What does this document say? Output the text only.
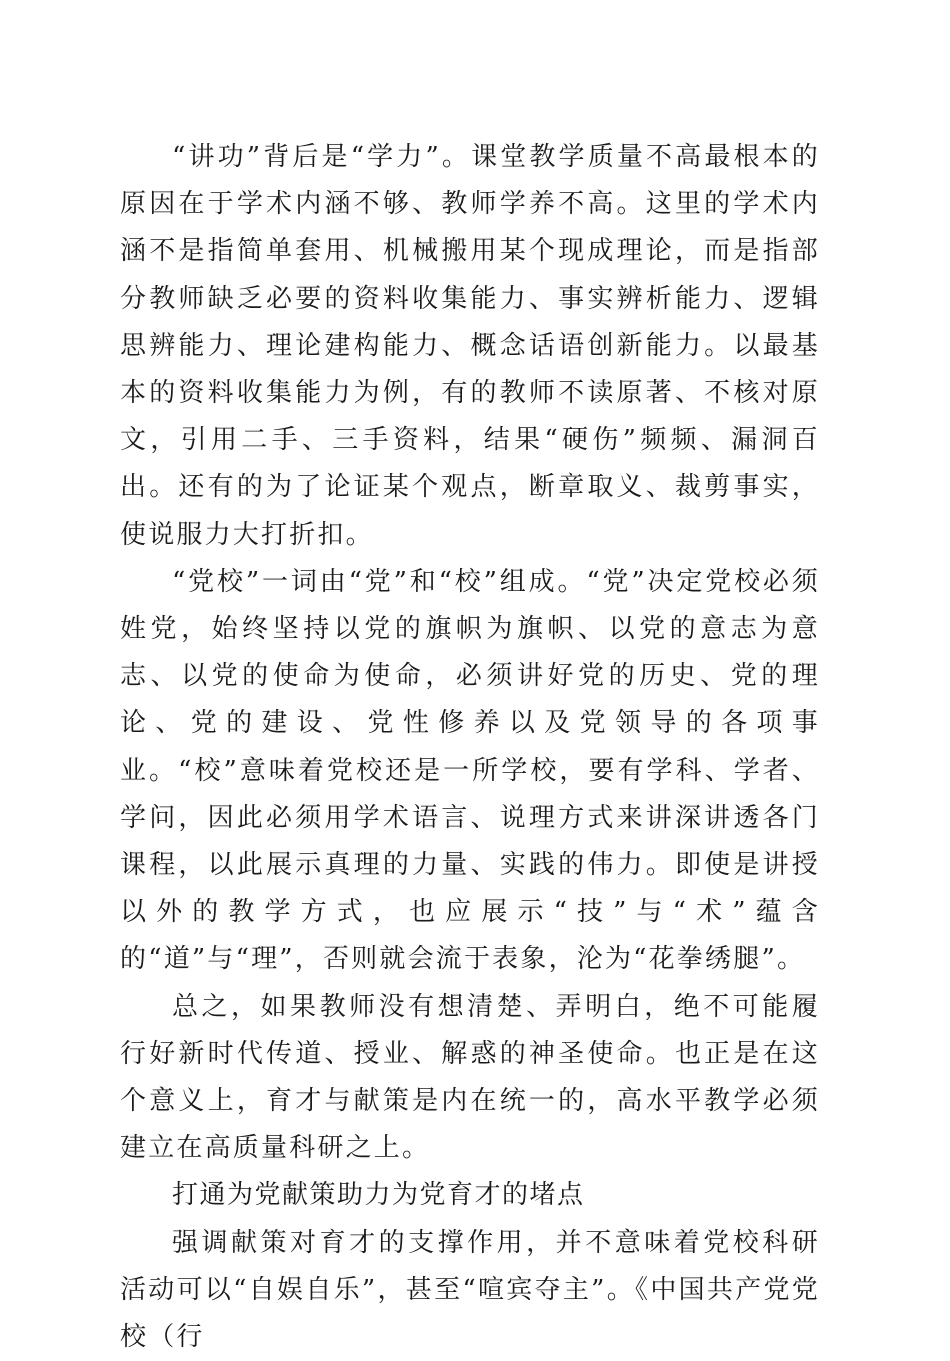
“讲功”背后是“学力”。课堂教学质量不高最根本的原因在于学术内涵不够、教师学养不高。这里的学术内涵不是指简单套用、机械搬用某个现成理论，而是指部分教师缺乏必要的资料收集能力、事实辨析能力、逻辑思辨能力、理论建构能力、概念话语创新能力。以最基本的资料收集能力为例，有的教师不读原著、不核对原文，引用二手、三手资料，结果“硬伤”频频、漏洞百出。还有的为了论证某个观点，断章取义、裁剪事实，使说服力大打折扣。

“党校”一词由“党”和“校”组成。“党”决定党校必须姓党，始终坚持以党的旗帜为旗帜、以党的意志为意志、以党的使命为使命，必须讲好党的历史、党的理论、党的建设、党性修养以及党领导的各项事业。“校”意味着党校还是一所学校，要有学科、学者、学问，因此必须用学术语言、说理方式来讲深讲透各门课程，以此展示真理的力量、实践的伟力。即使是讲授以外的教学方式，也应展示“技”与“术”蕴含的“道”与“理”，否则就会流于表象，沦为“花拳绣腿”。

总之，如果教师没有想清楚、弄明白，绝不可能履行好新时代传道、授业、解惑的神圣使命。也正是在这个意义上，育才与献策是内在统一的，高水平教学必须建立在高质量科研之上。

打通为党献策助力为党育才的堵点

强调献策对育才的支撑作用，并不意味着党校科研活动可以“自娱自乐”，甚至“喧宾夺主”。《中国共产党党校（行
